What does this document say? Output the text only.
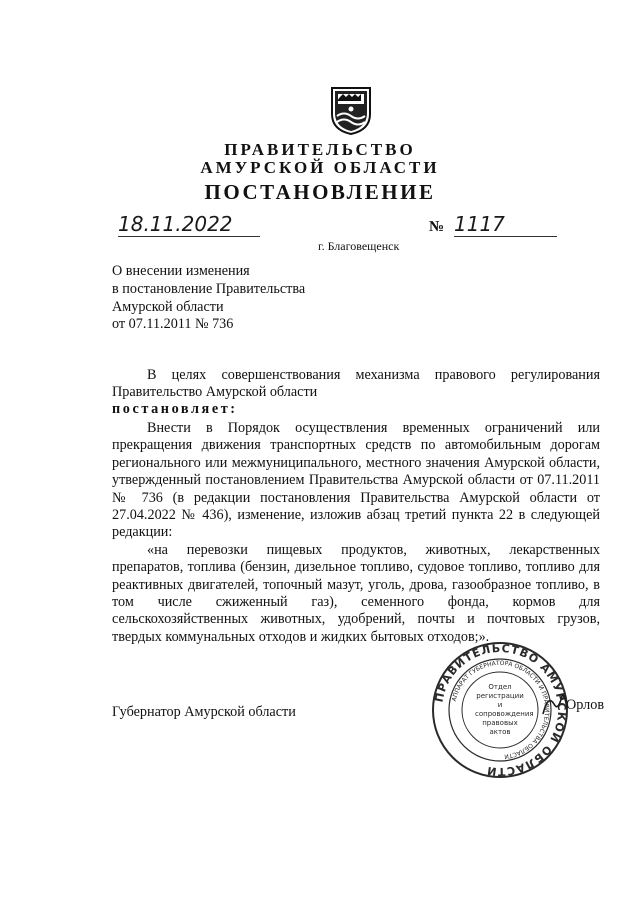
ПРАВИТЕЛЬСТВО
АМУРСКОЙ ОБЛАСТИ
ПОСТАНОВЛЕНИЕ
18.11.2022	№ 1117
г. Благовещенск
О внесении изменения
в постановление Правительства
Амурской области
от 07.11.2011 № 736
В целях совершенствования механизма правового регулирования
Правительство Амурской области
постановляет:
Внести в Порядок осуществления временных ограничений или
прекращения движения транспортных средств по автомобильным дорогам
регионального или межмуниципального, местного значения Амурской области,
утвержденный постановлением Правительства Амурской области от 07.11.2011
№ 736 (в редакции постановления Правительства Амурской области от
27.04.2022 № 436), изменение, изложив абзац третий пункта 22 в следующей
редакции:
«на перевозки пищевых продуктов, животных, лекарственных
препаратов, топлива (бензин, дизельное топливо, судовое топливо, топливо для
реактивных двигателей, топочный мазут, уголь, дрова, газообразное топливо, в
том числе сжиженный газ), семенного фонда, кормов для
сельскохозяйственных животных, удобрений, почты и почтовых грузов,
твердых коммунальных отходов и жидких бытовых отходов;».
Губернатор Амурской области	Орлов
ПРАВИТЕЛЬСТВО АМУРСКОЙ ОБЛАСТИ
АППАРАТ ГУБЕРНАТОРА ОБЛАСТИ И ПРАВИТЕЛЬСТВА ОБЛАСТИ
Отдел
регистрации
и сопровождения
правовых актов
